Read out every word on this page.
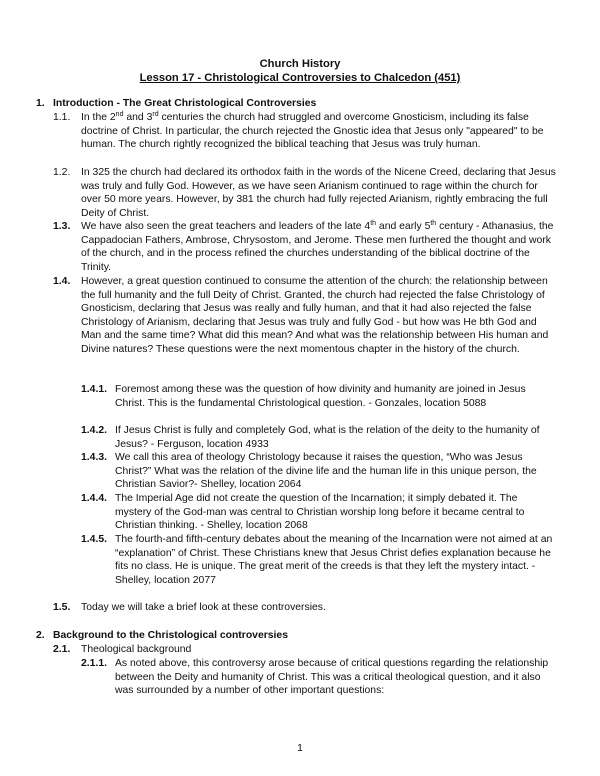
Church History
Lesson 17 - Christological Controversies to Chalcedon (451)
1. Introduction - The Great Christological Controversies
1.1.	In the 2nd and 3rd centuries the church had struggled and overcome Gnosticism, including its false doctrine of Christ. In particular, the church rejected the Gnostic idea that Jesus only "appeared" to be human. The church rightly recognized the biblical teaching that Jesus was truly human.
1.2.	In 325 the church had declared its orthodox faith in the words of the Nicene Creed, declaring that Jesus was truly and fully God. However, as we have seen Arianism continued to rage within the church for over 50 more years. However, by 381 the church had fully rejected Arianism, rightly embracing the full Deity of Christ.
1.3.	We have also seen the great teachers and leaders of the late 4th and early 5th century - Athanasius, the Cappadocian Fathers, Ambrose, Chrysostom, and Jerome. These men furthered the thought and work of the church, and in the process refined the churches understanding of the biblical doctrine of the Trinity.
1.4.	However, a great question continued to consume the attention of the church: the relationship between the full humanity and the full Deity of Christ. Granted, the church had rejected the false Christology of Gnosticism, declaring that Jesus was really and fully human, and that it had also rejected the false Christology of Arianism, declaring that Jesus was truly and fully God - but how was He bth God and Man and the same time? What did this mean? And what was the relationship between His human and Divine natures? These questions were the next momentous chapter in the history of the church.
1.4.1. Foremost among these was the question of how divinity and humanity are joined in Jesus Christ. This is the fundamental Christological question. - Gonzales, location 5088
1.4.2. If Jesus Christ is fully and completely God, what is the relation of the deity to the humanity of Jesus? - Ferguson, location 4933
1.4.3. We call this area of theology Christology because it raises the question, “Who was Jesus Christ?” What was the relation of the divine life and the human life in this unique person, the Christian Savior?- Shelley, location 2064
1.4.4. The Imperial Age did not create the question of the Incarnation; it simply debated it. The mystery of the God-man was central to Christian worship long before it became central to Christian thinking. - Shelley, location 2068
1.4.5. The fourth-and fifth-century debates about the meaning of the Incarnation were not aimed at an “explanation” of Christ. These Christians knew that Jesus Christ defies explanation because he fits no class. He is unique. The great merit of the creeds is that they left the mystery intact. - Shelley, location 2077
1.5.	Today we will take a brief look at these controversies.
2. Background to the Christological controversies
2.1.	Theological background
2.1.1. As noted above, this controversy arose because of critical questions regarding the relationship between the Deity and humanity of Christ. This was a critical theological question, and it also was surrounded by a number of other important questions:
1
